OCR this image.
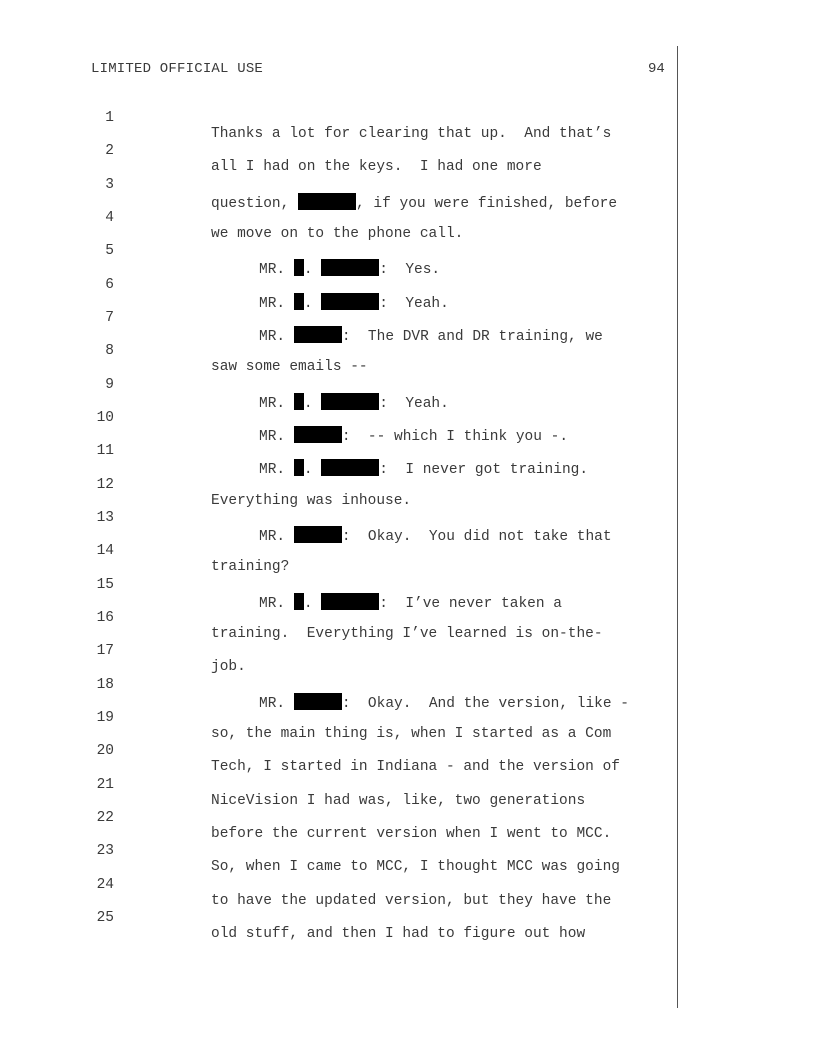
LIMITED OFFICIAL USE	94

1

Thanks a lot for clearing that up.  And that’s

2

all I had on the keys.  I had one more

3

question,	, if you were finished, before

4

we move on to the phone call.

5

MR. .	:  Yes.

6

MR. .	:  Yeah.

7

MR.	:  The DVR and DR training, we

8

saw some emails --

9

MR. .	:  Yeah.

10

MR.	:  -- which I think you -.

11

MR. .	:  I never got training.

12

Everything was inhouse.

13

MR.	:  Okay.  You did not take that

14

training?

15

MR. .	:  I’ve never taken a

16

training.  Everything I’ve learned is on-the-

17

job.

18

MR.	:  Okay.  And the version, like -

19

so, the main thing is, when I started as a Com

20

Tech, I started in Indiana - and the version of

21

NiceVision I had was, like, two generations

22

before the current version when I went to MCC.

23

So, when I came to MCC, I thought MCC was going

24

to have the updated version, but they have the

25

old stuff, and then I had to figure out how
